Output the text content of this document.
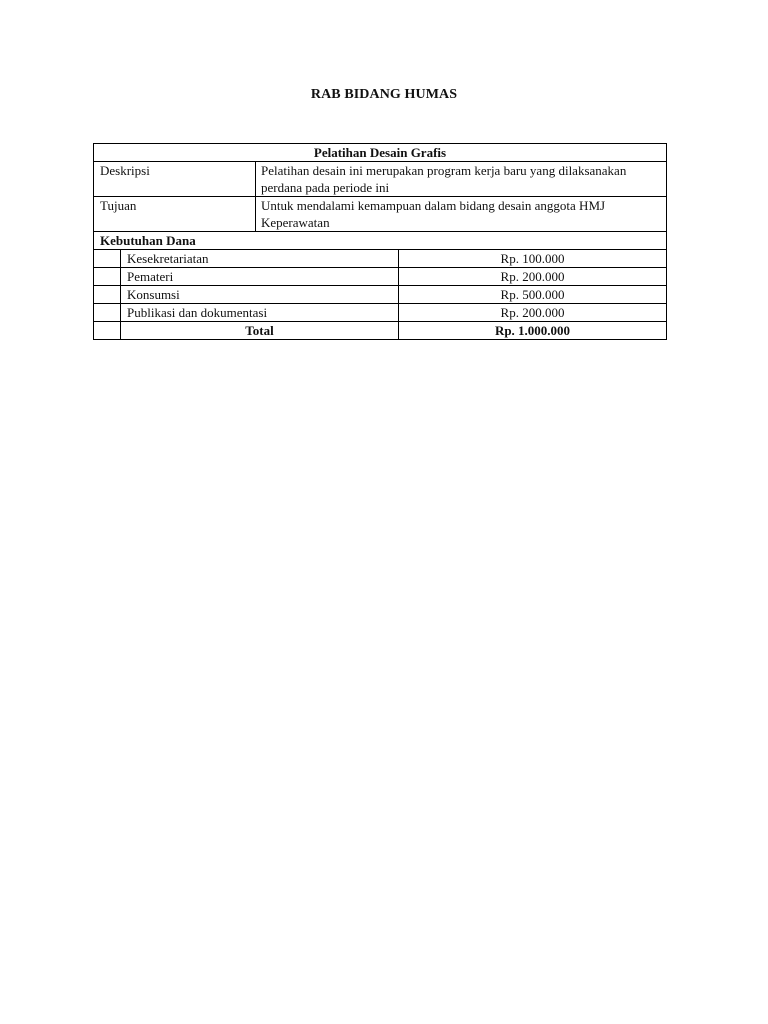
RAB BIDANG HUMAS
Pelatihan Desain Grafis
Deskripsi	Pelatihan desain ini merupakan program kerja baru yang dilaksanakan perdana pada periode ini
Tujuan	Untuk mendalami kemampuan dalam bidang desain anggota HMJ Keperawatan
Kebutuhan Dana
Kesekretariatan	Rp. 100.000
Pemateri	Rp. 200.000
Konsumsi	Rp. 500.000
Publikasi dan dokumentasi	Rp. 200.000
Total	Rp. 1.000.000
